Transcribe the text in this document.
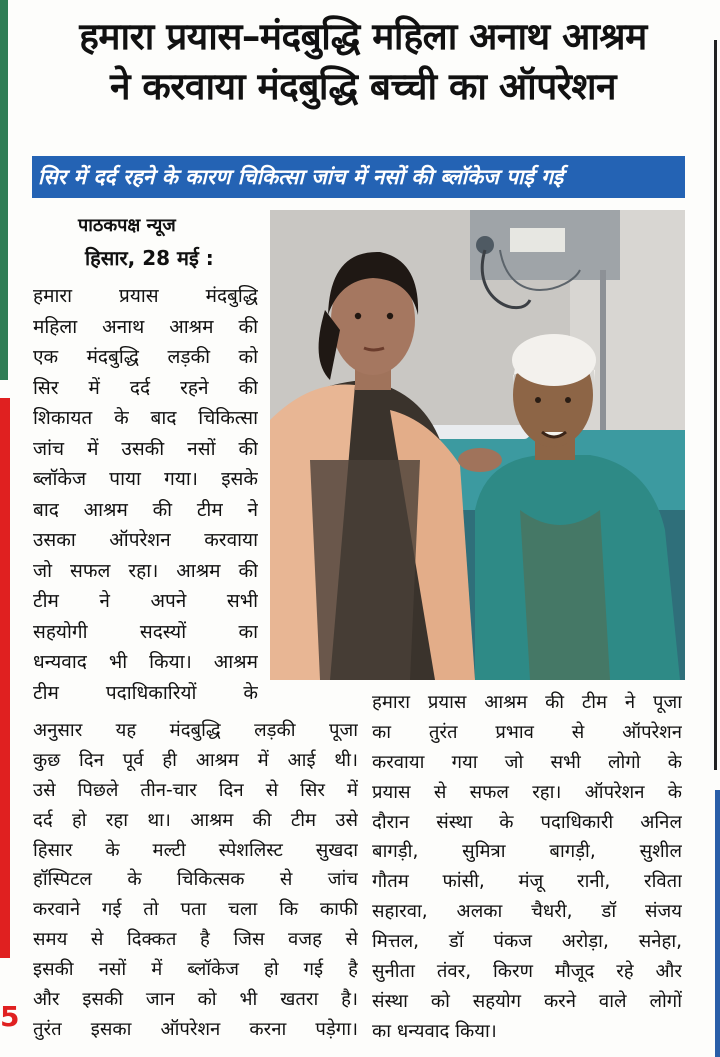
5
हमारा प्रयास–मंदबुद्धि महिला अनाथ आश्रम
ने करवाया मंदबुद्धि बच्ची का ऑपरेशन
सिर में दर्द रहने के कारण चिकित्सा जांच में नसों की ब्लॉकेज पाई गई
पाठकपक्ष न्यूज
हिसार, 28 मई :
हमारा प्रयास मंदबुद्धि
महिला अनाथ आश्रम की
एक मंदबुद्धि लड़की को
सिर में दर्द रहने की
शिकायत के बाद चिकित्सा
जांच में उसकी नसों की
ब्लॉकेज पाया गया। इसके
बाद आश्रम की टीम ने
उसका ऑपरेशन करवाया
जो सफल रहा। आश्रम की
टीम ने अपने सभी
सहयोगी सदस्यों का
धन्यवाद भी किया। आश्रम
टीम पदाधिकारियों के
अनुसार यह मंदबुद्धि लड़की पूजा
कुछ दिन पूर्व ही आश्रम में आई थी।
उसे पिछले तीन-चार दिन से सिर में
दर्द हो रहा था। आश्रम की टीम उसे
हिसार के मल्टी स्पेशलिस्ट सुखदा
हॉस्पिटल के चिकित्सक से जांच
करवाने गई तो पता चला कि काफी
समय से दिक्कत है जिस वजह से
इसकी नसों में ब्लॉकेज हो गई है
और इसकी जान को भी खतरा है।
तुरंत इसका ऑपरेशन करना पड़ेगा।
हमारा प्रयास आश्रम की टीम ने पूजा
का तुरंत प्रभाव से ऑपरेशन
करवाया गया जो सभी लोगो के
प्रयास से सफल रहा। ऑपरेशन के
दौरान संस्था के पदाधिकारी अनिल
बागड़ी, सुमित्रा बागड़ी, सुशील
गौतम फांसी, मंजू रानी, रविता
सहारवा, अलका चैधरी, डॉ संजय
मित्तल, डॉ पंकज अरोड़ा, सनेहा,
सुनीता तंवर, किरण मौजूद रहे और
संस्था को सहयोग करने वाले लोगों
का धन्यवाद किया।
